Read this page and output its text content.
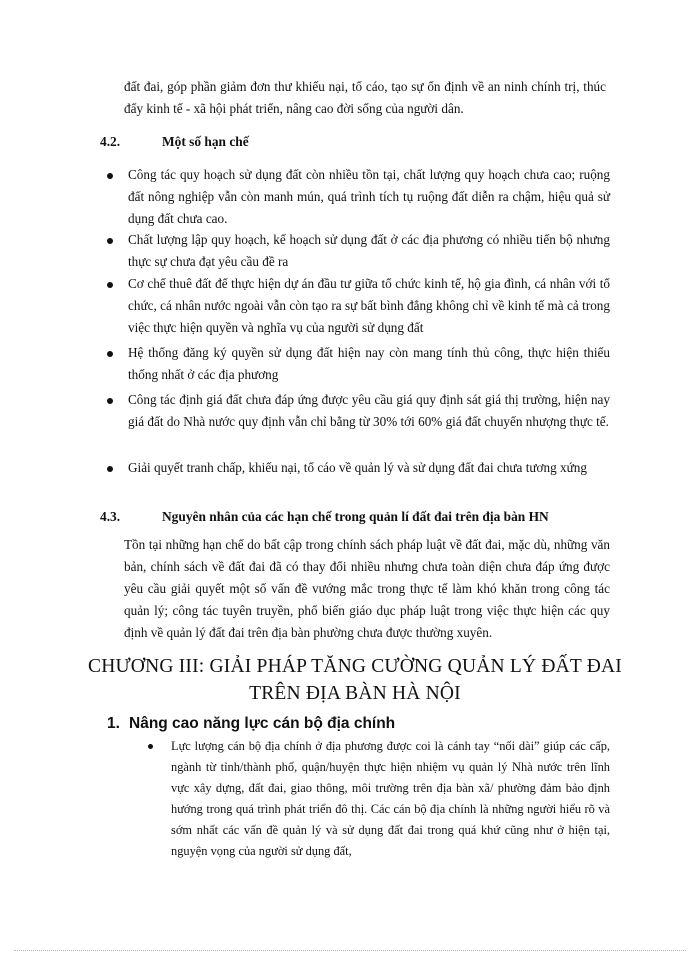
đất đai, góp phần giảm đơn thư khiếu nại, tố cáo, tạo sự ổn định về an ninh chính trị, thúc đẩy kinh tế - xã hội phát triển, nâng cao đời sống của người dân.

4.2.	Một số hạn chế

Công tác quy hoạch sử dụng đất còn nhiều tồn tại, chất lượng quy hoạch chưa cao; ruộng đất nông nghiệp vẫn còn manh mún, quá trình tích tụ ruộng đất diễn ra chậm, hiệu quả sử dụng đất chưa cao.

Chất lượng lập quy hoạch, kế hoạch sử dụng đất ở các địa phương có nhiều tiến bộ nhưng thực sự chưa đạt yêu cầu đề ra

Cơ chế thuê đất để thực hiện dự án đầu tư giữa tổ chức kinh tế, hộ gia đình, cá nhân với tổ chức, cá nhân nước ngoài vẫn còn tạo ra sự bất bình đẳng không chỉ về kinh tế mà cả trong việc thực hiện quyền và nghĩa vụ của người sử dụng đất

Hệ thống đăng ký quyền sử dụng đất hiện nay còn mang tính thủ công, thực hiện thiếu thống nhất ở các địa phương

Công tác định giá đất chưa đáp ứng được yêu cầu giá quy định sát giá thị trường, hiện nay giá đất do Nhà nước quy định vẫn chỉ bằng từ 30% tới 60% giá đất chuyển nhượng thực tế.

Giải quyết tranh chấp, khiếu nại, tố cáo về quản lý và sử dụng đất đai chưa tương xứng

4.3.	Nguyên nhân của các hạn chế trong quản lí đất đai trên địa bàn HN

Tồn tại những hạn chế do bất cập trong chính sách pháp luật về đất đai, mặc dù, những văn bản, chính sách về đất đai đã có thay đổi nhiều nhưng chưa toàn diện chưa đáp ứng được yêu cầu giải quyết một số vấn đề vướng mắc trong thực tế làm khó khăn trong công tác quản lý; công tác tuyên truyền, phổ biến giáo dục pháp luật trong việc thực hiện các quy định về quản lý đất đai trên địa bàn phường chưa được thường xuyên.

CHƯƠNG III: GIẢI PHÁP TĂNG CƯỜNG QUẢN LÝ ĐẤT ĐAI
TRÊN ĐỊA BÀN HÀ NỘI
1. Nâng cao năng lực cán bộ địa chính

Lực lượng cán bộ địa chính ở địa phương được coi là cánh tay “nối dài” giúp các cấp, ngành từ tỉnh/thành phố, quận/huyện thực hiện nhiệm vụ quản lý Nhà nước trên lĩnh vực xây dựng, đất đai, giao thông, môi trường trên địa bàn xã/ phường đảm bảo định hướng trong quá trình phát triển đô thị. Các cán bộ địa chính là những người hiểu rõ và sớm nhất các vấn đề quản lý và sử dụng đất đai trong quá khứ cũng như ở hiện tại, nguyện vọng của người sử dụng đất,
